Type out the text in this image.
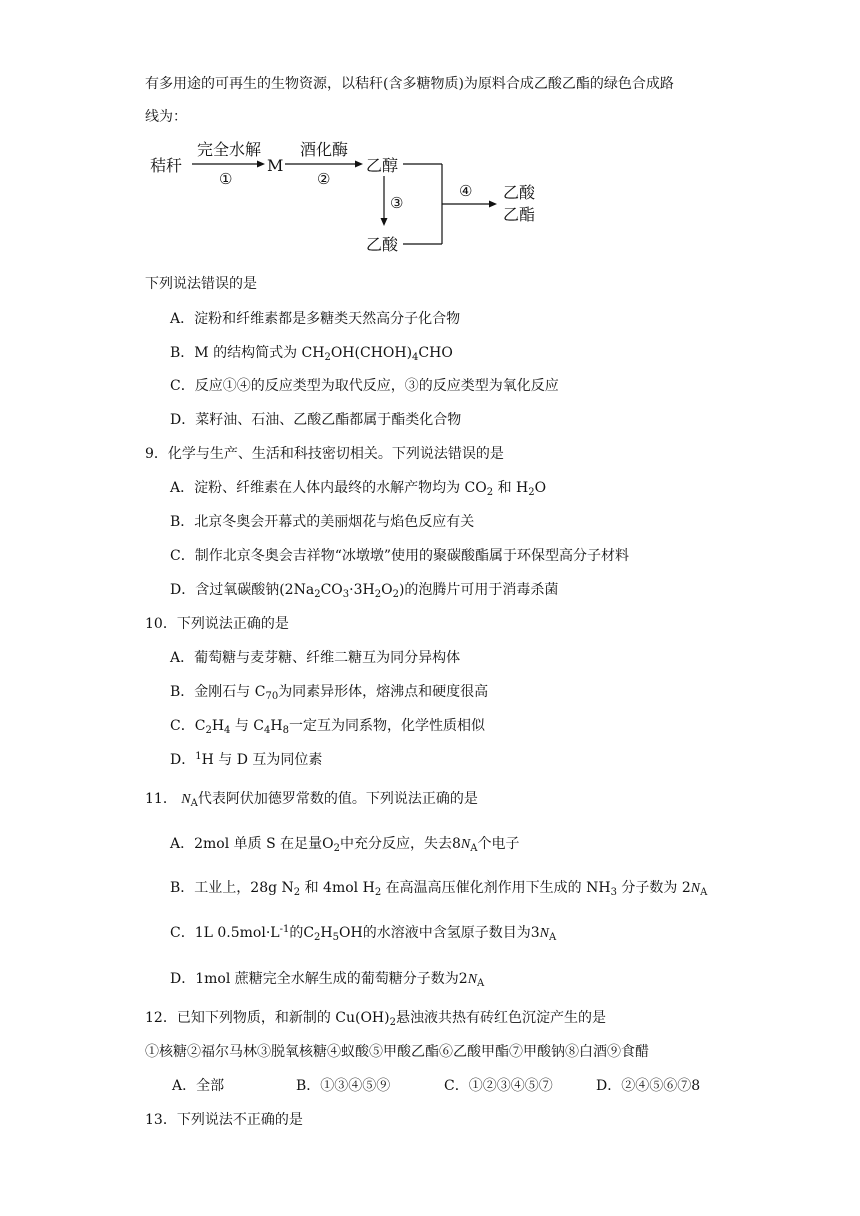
有多用途的可再生的生物资源，以秸秆(含多糖物质)为原料合成乙酸乙酯的绿色合成路
线为：
秸秆
完全水解
①
M
酒化酶
②
乙醇
③
乙酸
④ 乙酸
乙酯
下列说法错误的是
A．淀粉和纤维素都是多糖类天然高分子化合物
B．M 的结构简式为 $CH_2OH(CHOH)_4CHO$
C．反应①④的反应类型为取代反应，③的反应类型为氧化反应
D．菜籽油、石油、乙酸乙酯都属于酯类化合物
9．化学与生产、生活和科技密切相关。下列说法错误的是
A．淀粉、纤维素在人体内最终的水解产物均为 $CO_2$ 和 $H_2O$
B．北京冬奥会开幕式的美丽烟花与焰色反应有关
C．制作北京冬奥会吉祥物“冰墩墩”使用的聚碳酸酯属于环保型高分子材料
D．含过氧碳酸钠$(2Na_2CO_3\cdot 3H_2O_2)$的泡腾片可用于消毒杀菌
10．下列说法正确的是
A．葡萄糖与麦芽糖、纤维二糖互为同分异构体
B．金刚石与 $C_{70}$为同素异形体，熔沸点和硬度很高
C．$C_2H_4$ 与 $C_4H_8$一定互为同系物，化学性质相似
D．$^1$H 与 D 互为同位素
11． $N_A$代表阿伏加德罗常数的值。下列说法正确的是
A．2mol 单质 S 在足量$O_2$中充分反应，失去$8N_A$个电子
B．工业上，28g $N_2$ 和 4mol $H_2$ 在高温高压催化剂作用下生成的 $NH_3$ 分子数为 $2N_A$
C．1L $0.5mol\cdot L^{-1}$的$C_2H_5OH$的水溶液中含氢原子数目为$3N_A$
D．1mol 蔗糖完全水解生成的葡萄糖分子数为$2N_A$
12．已知下列物质，和新制的 $Cu(OH)_2$悬浊液共热有砖红色沉淀产生的是
①核糖②福尔马林③脱氧核糖④蚁酸⑤甲酸乙酯⑥乙酸甲酯⑦甲酸钠⑧白酒⑨食醋
A．全部	B．①③④⑤⑨	C．①②③④⑤⑦	D．②④⑤⑥⑦8
13．下列说法不正确的是
